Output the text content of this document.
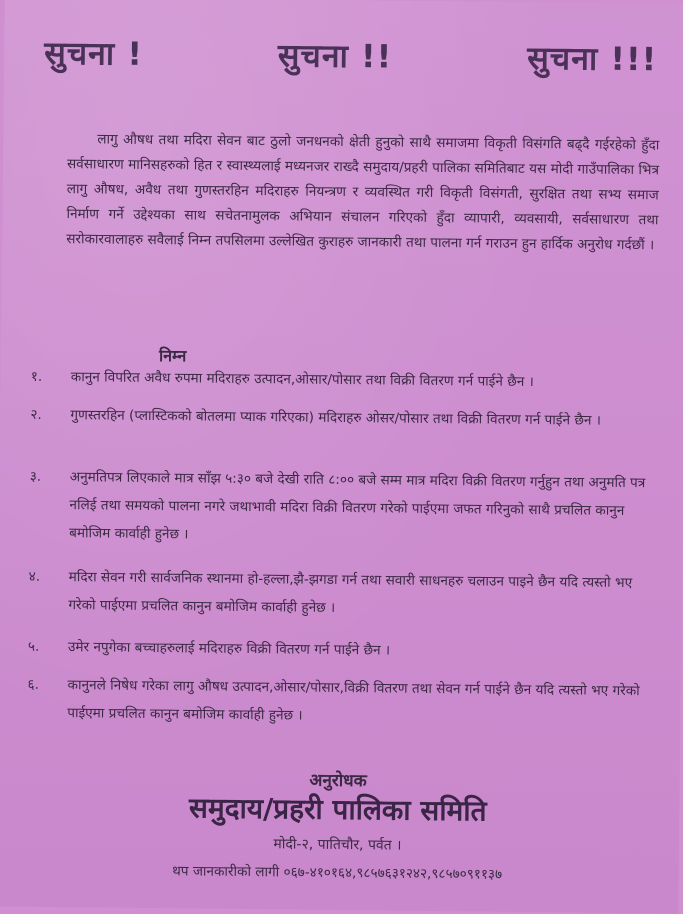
सुचना !	सुचना !!	सुचना !!!
लागु औषध तथा मदिरा सेवन बाट ठुलो जनधनको क्षेती हुनुको साथै समाजमा विकृती विसंगति बढ्दै गईरहेको हुँदा सर्वसाधारण मानिसहरुको हित र स्वास्थ्यलाई मध्यनजर राख्दै समुदाय/प्रहरी पालिका समितिबाट यस मोदी गाउँपालिका भित्र लागु औषध, अवैध तथा गुणस्तरहिन मदिराहरु नियन्त्रण र व्यवस्थित गरी विकृती विसंगती, सुरक्षित तथा सभ्य समाज निर्माण गर्ने उद्देश्यका साथ सचेतनामुलक अभियान संचालन गरिएको हुँदा व्यापारी, व्यवसायी, सर्वसाधारण तथा सरोकारवालाहरु सवैलाई निम्न तपसिलमा उल्लेखित कुराहरु जानकारी तथा पालना गर्न गराउन हुन हार्दिक अनुरोध गर्दछौं ।
निम्न
१.	कानुन विपरित अवैध रुपमा मदिराहरु उत्पादन,ओसार/पोसार तथा विक्री वितरण गर्न पाईने छैन ।
२.	गुणस्तरहिन (प्लास्टिकको बोतलमा प्याक गरिएका) मदिराहरु ओसर/पोसार तथा विक्री वितरण गर्न पाईने छैन ।
३.	अनुमतिपत्र लिएकाले मात्र साँझ ५:३० बजे देखी राति ८:०० बजे सम्म मात्र मदिरा विक्री वितरण गर्नुहुन तथा अनुमति पत्र नलिई तथा समयको पालना नगरे जथाभावी मदिरा विक्री वितरण गरेको पाईएमा जफत गरिनुको साथै प्रचलित कानुन बमोजिम कार्वाही हुनेछ ।
४.	मदिरा सेवन गरी सार्वजनिक स्थानमा हो-हल्ला,झै-झगडा गर्न तथा सवारी साधनहरु चलाउन पाइने छैन यदि त्यस्तो भए गरेको पाईएमा प्रचलित कानुन बमोजिम कार्वाही हुनेछ ।
५.	उमेर नपुगेका बच्चाहरुलाई मदिराहरु विक्री वितरण गर्न पाईने छैन ।
६.	कानुनले निषेध गरेका लागु औषध उत्पादन,ओसार/पोसार,विक्री वितरण तथा सेवन गर्न पाईने छैन यदि त्यस्तो भए गरेको पाईएमा प्रचलित कानुन बमोजिम कार्वाही हुनेछ ।
अनुरोधक
समुदाय/प्रहरी पालिका समिति
मोदी-२, पातिचौर, पर्वत ।
थप जानकारीको लागी ०६७-४१०१६४,९८५७६३१२४२,९८५७०९११३७
